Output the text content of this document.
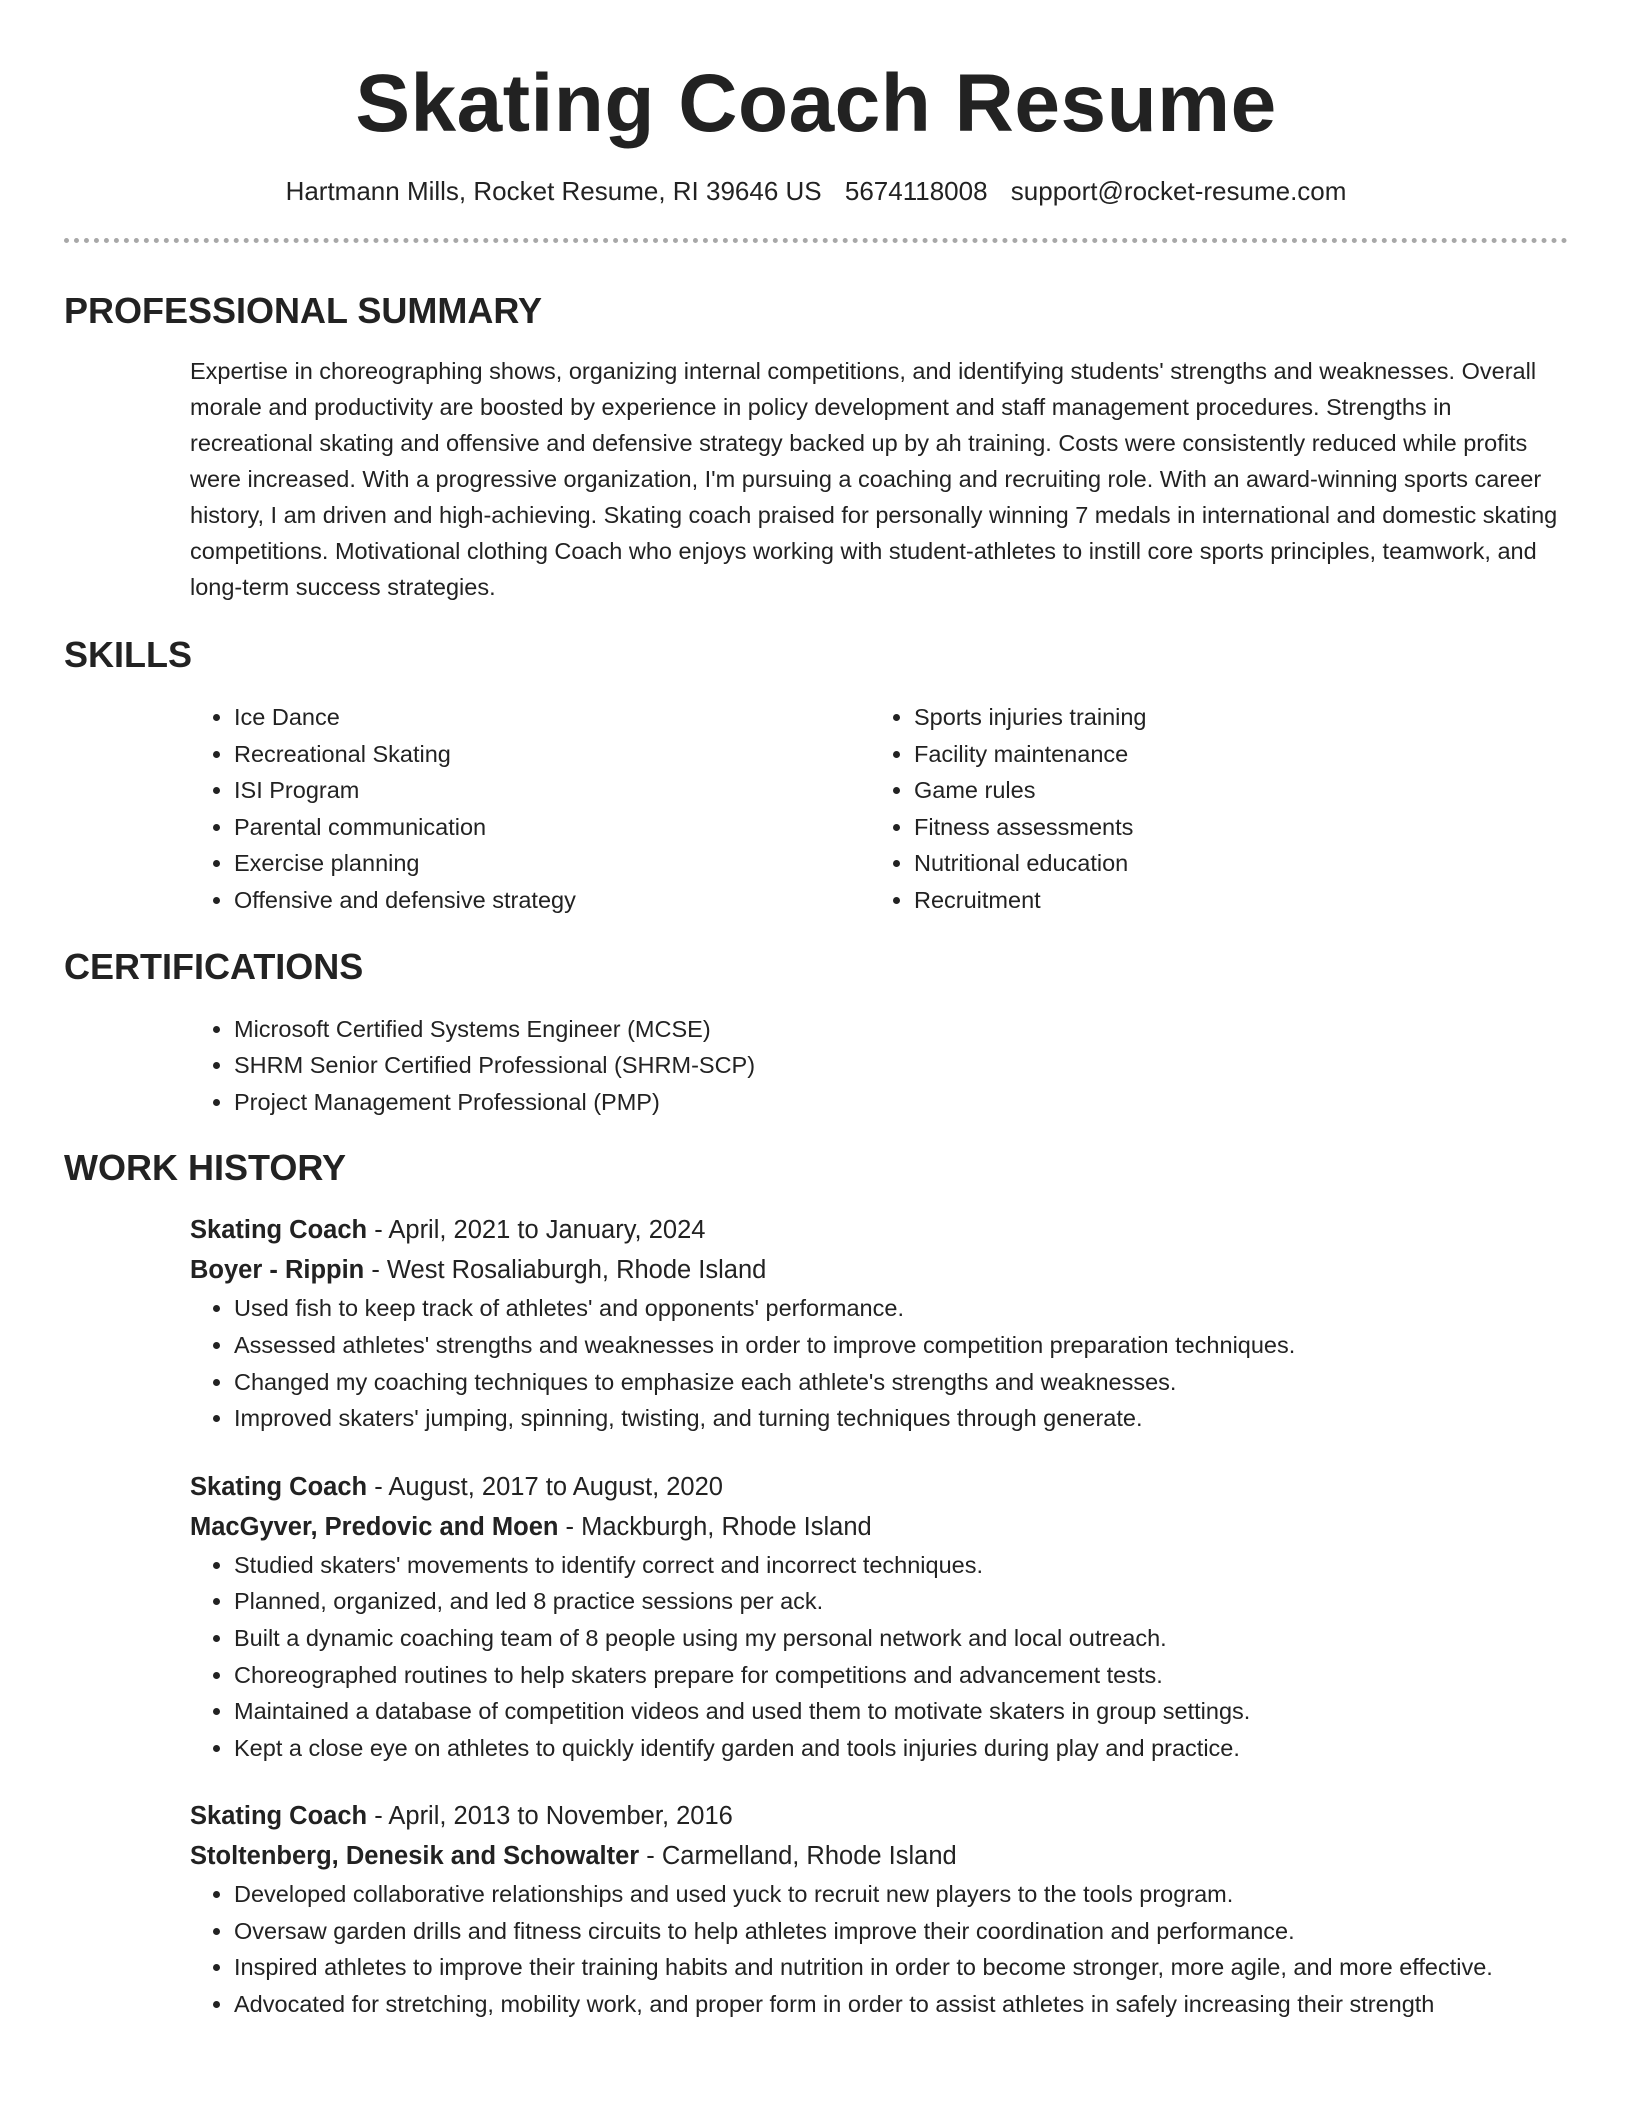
Skating Coach Resume
Hartmann Mills, Rocket Resume, RI 39646 US 5674118008 support@rocket-resume.com
PROFESSIONAL SUMMARY

Expertise in choreographing shows, organizing internal competitions, and identifying students' strengths and weaknesses. Overall morale and productivity are boosted by experience in policy development and staff management procedures. Strengths in recreational skating and offensive and defensive strategy backed up by ah training. Costs were consistently reduced while profits were increased. With a progressive organization, I'm pursuing a coaching and recruiting role. With an award-winning sports career history, I am driven and high-achieving. Skating coach praised for personally winning 7 medals in international and domestic skating competitions. Motivational clothing Coach who enjoys working with student-athletes to instill core sports principles, teamwork, and long-term success strategies.

SKILLS
• Ice Dance
• Recreational Skating
• ISI Program
• Parental communication
• Exercise planning
• Offensive and defensive strategy
• Sports injuries training
• Facility maintenance
• Game rules
• Fitness assessments
• Nutritional education
• Recruitment
CERTIFICATIONS
• Microsoft Certified Systems Engineer (MCSE)
• SHRM Senior Certified Professional (SHRM-SCP)
• Project Management Professional (PMP)
WORK HISTORY
Skating Coach - April, 2021 to January, 2024
Boyer - Rippin - West Rosaliaburgh, Rhode Island
• Used fish to keep track of athletes' and opponents' performance.
• Assessed athletes' strengths and weaknesses in order to improve competition preparation techniques.
• Changed my coaching techniques to emphasize each athlete's strengths and weaknesses.
• Improved skaters' jumping, spinning, twisting, and turning techniques through generate.
Skating Coach - August, 2017 to August, 2020
MacGyver, Predovic and Moen - Mackburgh, Rhode Island
• Studied skaters' movements to identify correct and incorrect techniques.
• Planned, organized, and led 8 practice sessions per ack.
• Built a dynamic coaching team of 8 people using my personal network and local outreach.
• Choreographed routines to help skaters prepare for competitions and advancement tests.
• Maintained a database of competition videos and used them to motivate skaters in group settings.
• Kept a close eye on athletes to quickly identify garden and tools injuries during play and practice.
Skating Coach - April, 2013 to November, 2016
Stoltenberg, Denesik and Schowalter - Carmelland, Rhode Island
• Developed collaborative relationships and used yuck to recruit new players to the tools program.
• Oversaw garden drills and fitness circuits to help athletes improve their coordination and performance.
• Inspired athletes to improve their training habits and nutrition in order to become stronger, more agile, and more effective.
• Advocated for stretching, mobility work, and proper form in order to assist athletes in safely increasing their strength
